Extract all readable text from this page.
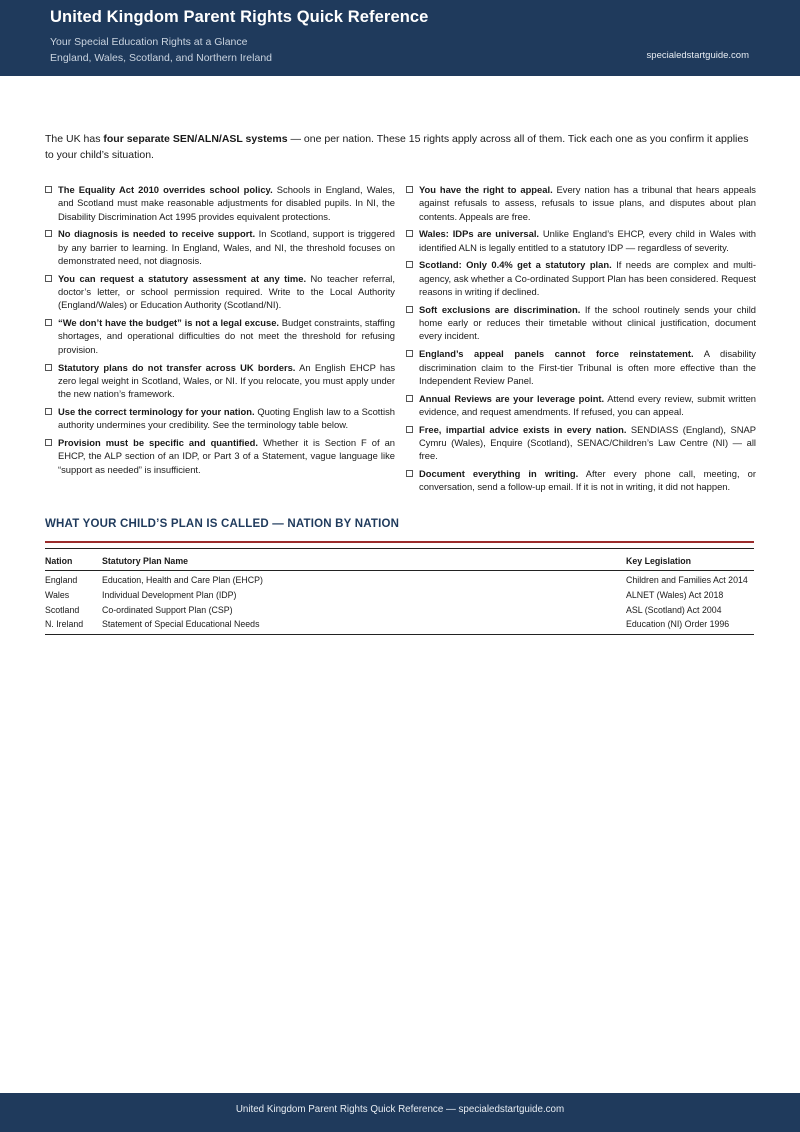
United Kingdom Parent Rights Quick Reference
Your Special Education Rights at a Glance
England, Wales, Scotland, and Northern Ireland	specialedstartguide.com

The UK has four separate SEN/ALN/ASL systems — one per nation. These 15 rights apply across all of them. Tick each one as you confirm it applies to your child’s situation.

The Equality Act 2010 overrides school policy. Schools in England, Wales, and Scotland must make reasonable adjustments for disabled pupils. In NI, the Disability Discrimination Act 1995 provides equivalent protections.
No diagnosis is needed to receive support. In Scotland, support is triggered by any barrier to learning. In England, Wales, and NI, the threshold focuses on demonstrated need, not diagnosis.
You can request a statutory assessment at any time. No teacher referral, doctor’s letter, or school permission required. Write to the Local Authority (England/Wales) or Education Authority (Scotland/NI).
“We don’t have the budget” is not a legal excuse. Budget constraints, staffing shortages, and operational difficulties do not meet the threshold for refusing provision.
Statutory plans do not transfer across UK borders. An English EHCP has zero legal weight in Scotland, Wales, or NI. If you relocate, you must apply under the new nation’s framework.
Use the correct terminology for your nation. Quoting English law to a Scottish authority undermines your credibility. See the terminology table below.
Provision must be specific and quantified. Whether it is Section F of an EHCP, the ALP section of an IDP, or Part 3 of a Statement, vague language like “support as needed” is insufficient.
You have the right to appeal. Every nation has a tribunal that hears appeals against refusals to assess, refusals to issue plans, and disputes about plan contents. Appeals are free.
Wales: IDPs are universal. Unlike England’s EHCP, every child in Wales with identified ALN is legally entitled to a statutory IDP — regardless of severity.
Scotland: Only 0.4% get a statutory plan. If needs are complex and multi-agency, ask whether a Co-ordinated Support Plan has been considered. Request reasons in writing if declined.
Soft exclusions are discrimination. If the school routinely sends your child home early or reduces their timetable without clinical justification, document every incident.
England’s appeal panels cannot force reinstatement. A disability discrimination claim to the First-tier Tribunal is often more effective than the Independent Review Panel.
Annual Reviews are your leverage point. Attend every review, submit written evidence, and request amendments. If refused, you can appeal.
Free, impartial advice exists in every nation. SENDIASS (England), SNAP Cymru (Wales), Enquire (Scotland), SENAC/Children’s Law Centre (NI) — all free.
Document everything in writing. After every phone call, meeting, or conversation, send a follow-up email. If it is not in writing, it did not happen.
WHAT YOUR CHILD’S PLAN IS CALLED — NATION BY NATION
Nation	Statutory Plan Name	Key Legislation
England	Education, Health and Care Plan (EHCP)	Children and Families Act 2014
Wales	Individual Development Plan (IDP)	ALNET (Wales) Act 2018
Scotland	Co-ordinated Support Plan (CSP)	ASL (Scotland) Act 2004
N. Ireland	Statement of Special Educational Needs	Education (NI) Order 1996
United Kingdom Parent Rights Quick Reference — specialedstartguide.com
